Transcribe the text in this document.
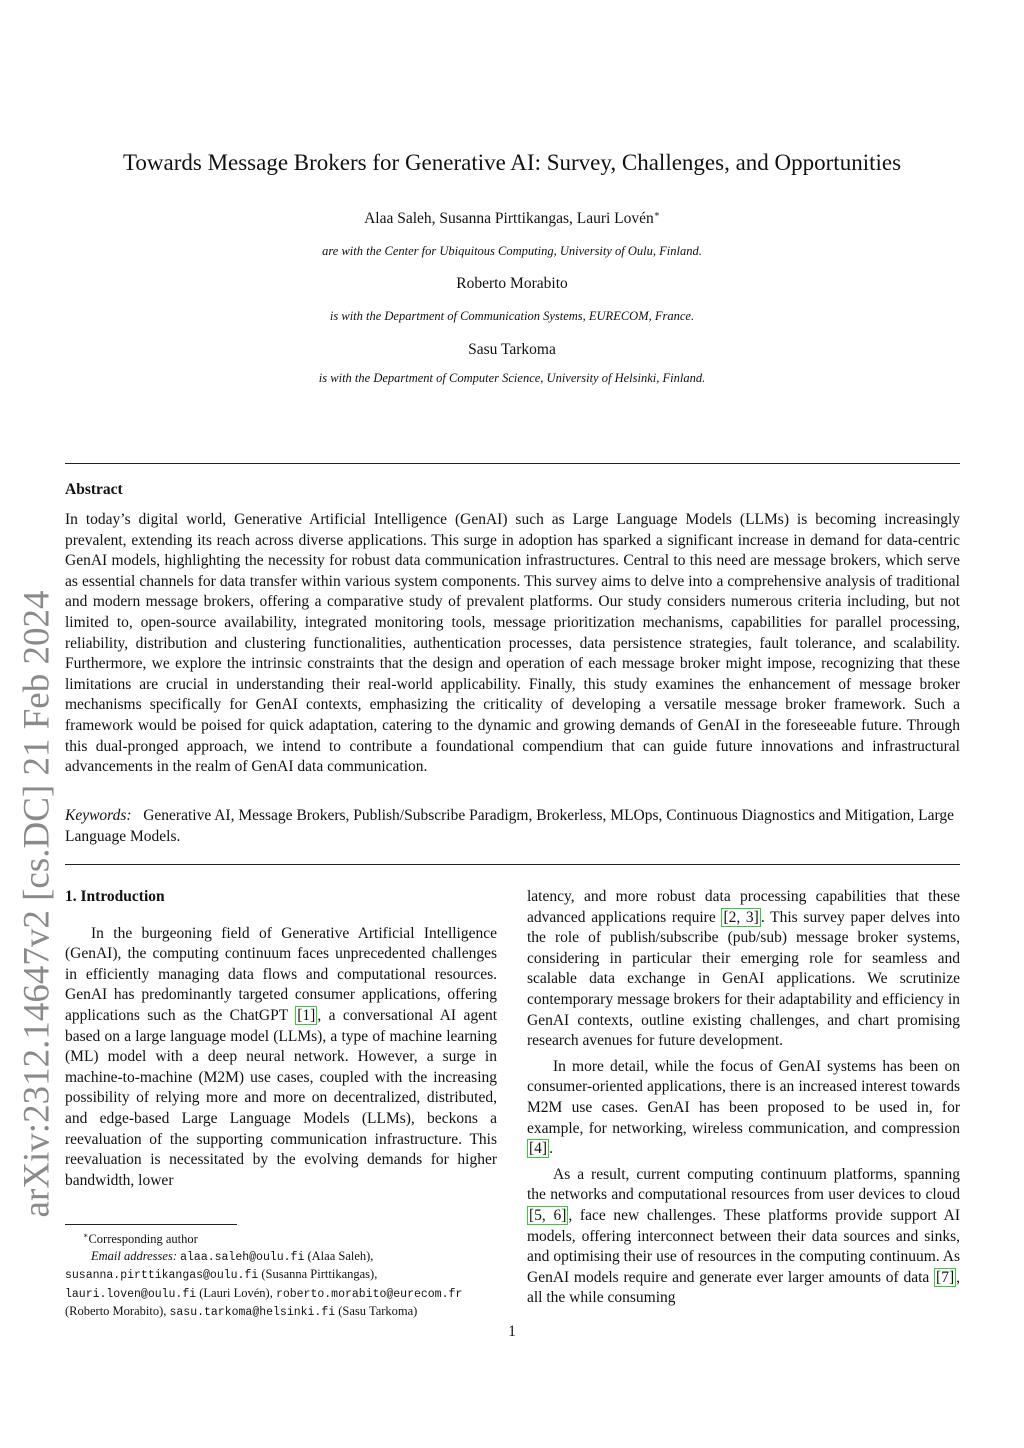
arXiv:2312.14647v2 [cs.DC] 21 Feb 2024
Towards Message Brokers for Generative AI: Survey, Challenges, and Opportunities
Alaa Saleh, Susanna Pirttikangas, Lauri Lovén∗
are with the Center for Ubiquitous Computing, University of Oulu, Finland.
Roberto Morabito
is with the Department of Communication Systems, EURECOM, France.
Sasu Tarkoma
is with the Department of Computer Science, University of Helsinki, Finland.
Abstract
In today’s digital world, Generative Artificial Intelligence (GenAI) such as Large Language Models (LLMs) is becoming increasingly prevalent, extending its reach across diverse applications. This surge in adoption has sparked a significant increase in demand for data-centric GenAI models, highlighting the necessity for robust data communication infrastructures. Central to this need are message brokers, which serve as essential channels for data transfer within various system components. This survey aims to delve into a comprehensive analysis of traditional and modern message brokers, offering a comparative study of prevalent platforms. Our study considers numerous criteria including, but not limited to, open-source availability, integrated monitoring tools, message prioritization mechanisms, capabilities for parallel processing, reliability, distribution and clustering functionalities, authentication processes, data persistence strategies, fault tolerance, and scalability. Furthermore, we explore the intrinsic constraints that the design and operation of each message broker might impose, recognizing that these limitations are crucial in understanding their real-world applicability. Finally, this study examines the enhancement of message broker mechanisms specifically for GenAI contexts, emphasizing the criticality of developing a versatile message broker framework. Such a framework would be poised for quick adaptation, catering to the dynamic and growing demands of GenAI in the foreseeable future. Through this dual-pronged approach, we intend to contribute a foundational compendium that can guide future innovations and infrastructural advancements in the realm of GenAI data communication.
Keywords: Generative AI, Message Brokers, Publish/Subscribe Paradigm, Brokerless, MLOps, Continuous Diagnostics and Mitigation, Large Language Models.
1. Introduction

In the burgeoning field of Generative Artificial Intelligence (GenAI), the computing continuum faces unprecedented challenges in efficiently managing data flows and computational resources. GenAI has predominantly targeted consumer applications, offering applications such as the ChatGPT [1] , a conversational AI agent based on a large language model (LLMs), a type of machine learning (ML) model with a deep neural network. However, a surge in machine-to-machine (M2M) use cases, coupled with the increasing possibility of relying more and more on decentralized, distributed, and edge-based Large Language Models (LLMs), beckons a reevaluation of the supporting communication infrastructure. This reevaluation is necessitated by the evolving demands for higher bandwidth, lower

latency, and more robust data processing capabilities that these advanced applications require [2, 3] . This survey paper delves into the role of publish/subscribe (pub/sub) message broker systems, considering in particular their emerging role for seamless and scalable data exchange in GenAI applications. We scrutinize contemporary message brokers for their adaptability and efficiency in GenAI contexts, outline existing challenges, and chart promising research avenues for future development.

In more detail, while the focus of GenAI systems has been on consumer-oriented applications, there is an increased interest towards M2M use cases. GenAI has been proposed to be used in, for example, for networking, wireless communication, and compression [4] .

As a result, current computing continuum platforms, spanning the networks and computational resources from user devices to cloud [5, 6] , face new challenges. These platforms provide support AI models, offering interconnect between their data sources and sinks, and optimising their use of resources in the computing continuum. As GenAI models require and generate ever larger amounts of data [7] , all the while consuming

∗Corresponding author
Email addresses: alaa.saleh@oulu.fi (Alaa Saleh),
susanna.pirttikangas@oulu.fi (Susanna Pirttikangas),
lauri.loven@oulu.fi (Lauri Lovén), roberto.morabito@eurecom.fr
(Roberto Morabito), sasu.tarkoma@helsinki.fi (Sasu Tarkoma)
1
